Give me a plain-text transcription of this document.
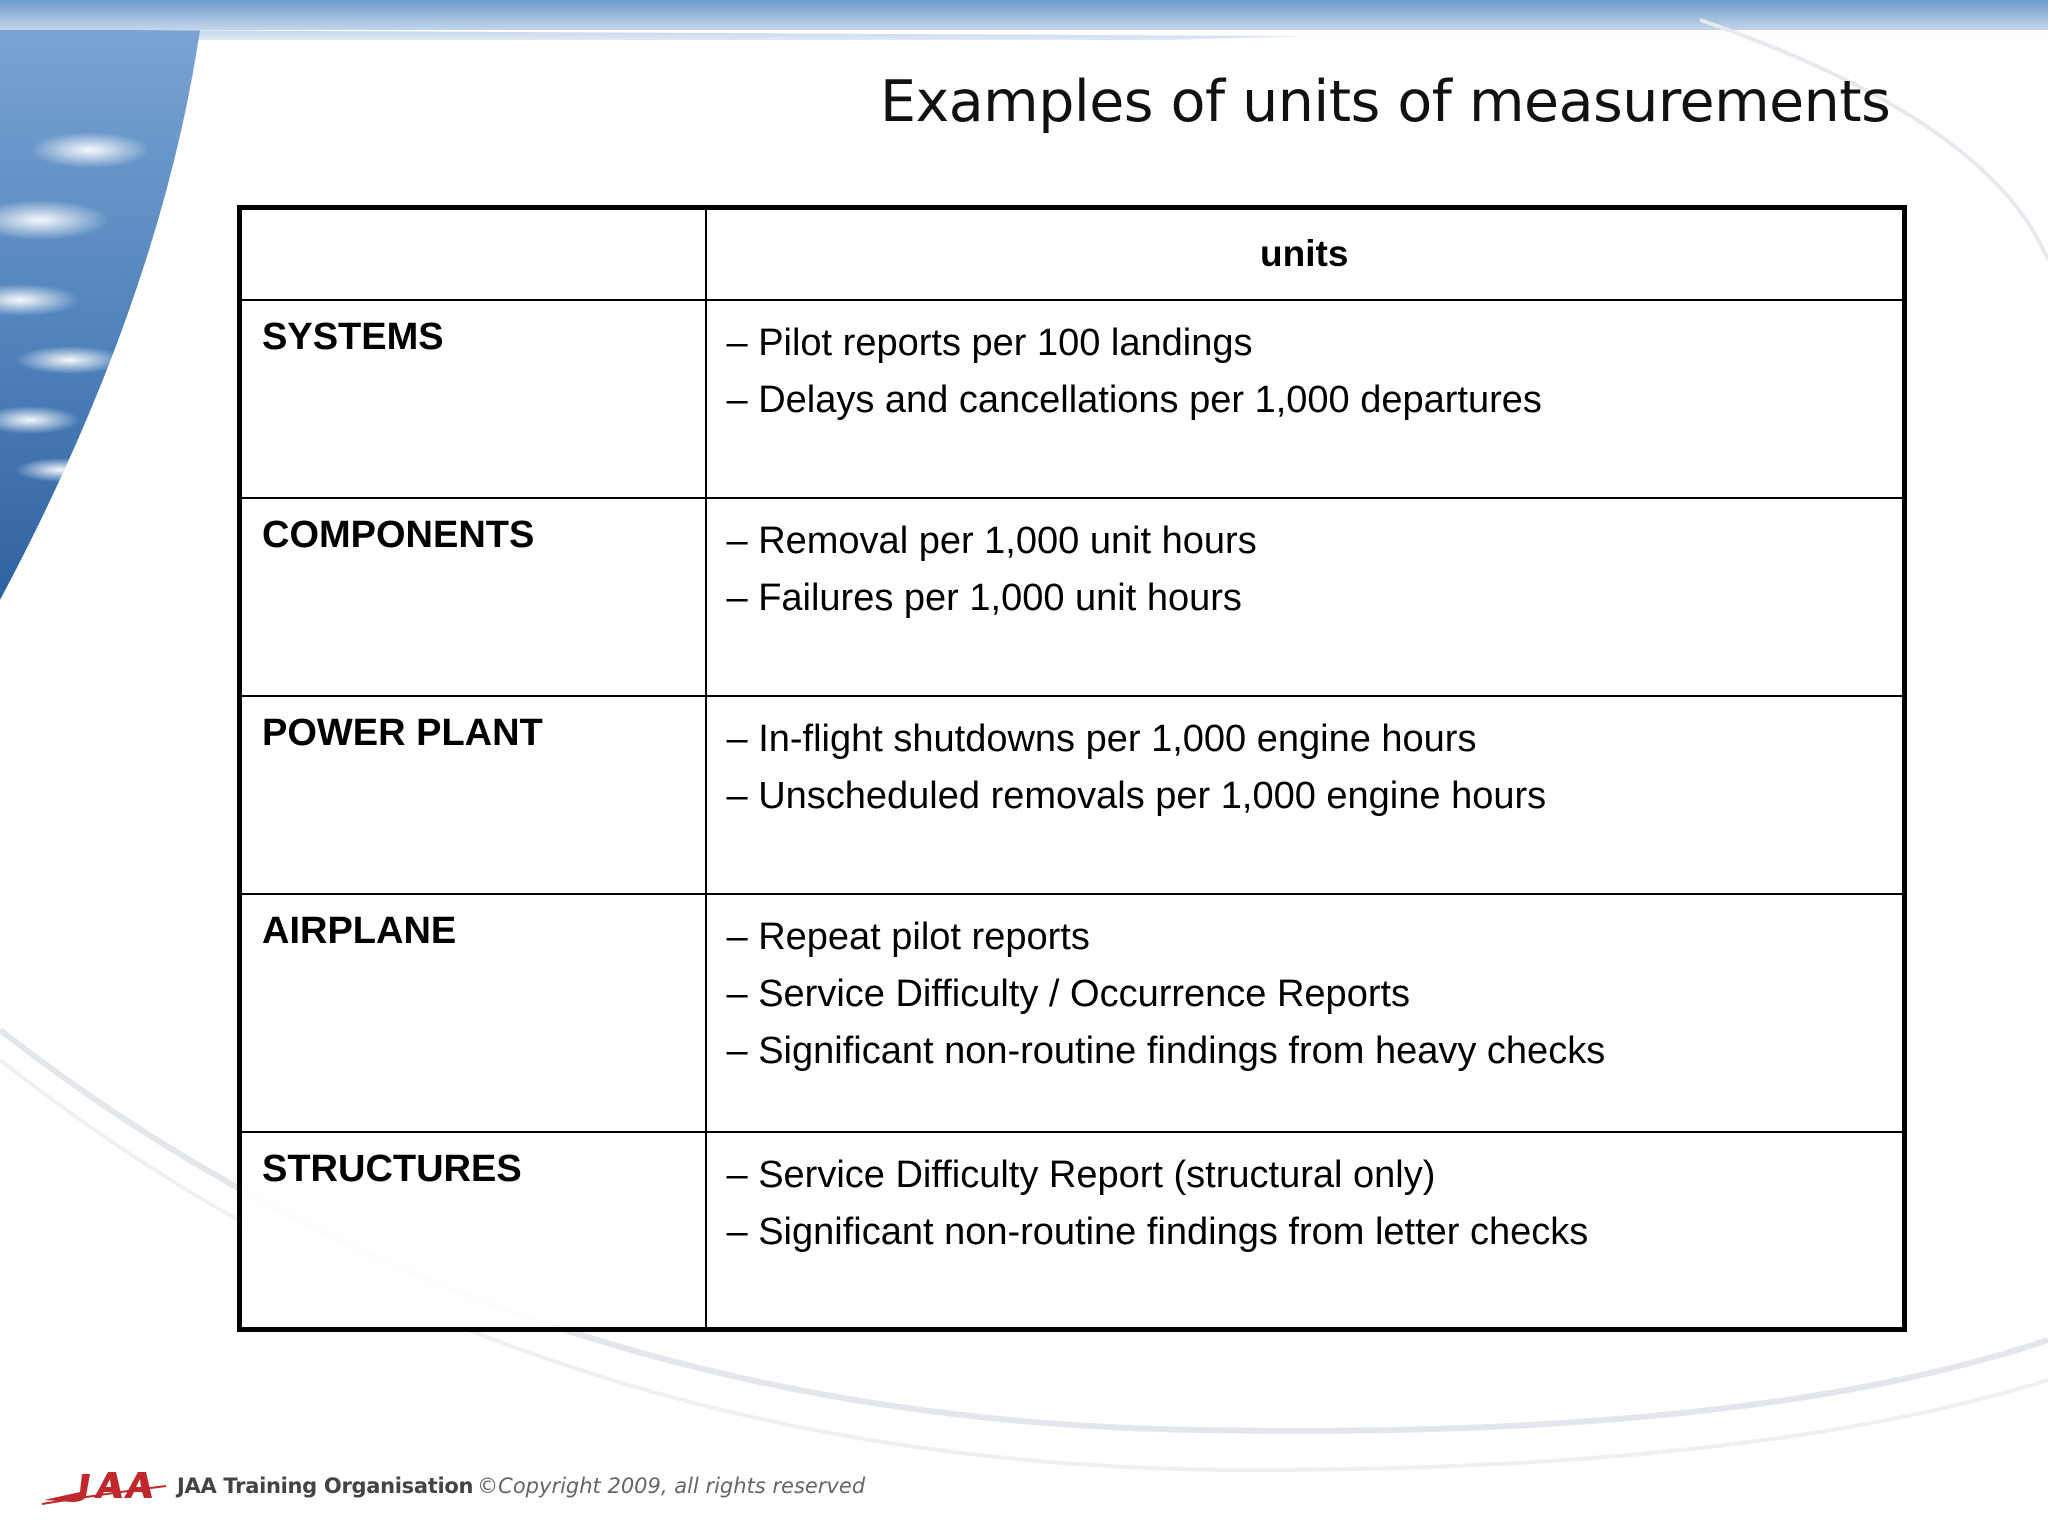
Examples of units of measurements
	units
SYSTEMS	– Pilot reports per 100 landings

– Delays and cancellations per 1,000 departures

COMPONENTS	– Removal per 1,000 unit hours

– Failures per 1,000 unit hours

POWER PLANT	– In-flight shutdowns per 1,000 engine hours

– Unscheduled removals per 1,000 engine hours

AIRPLANE	– Repeat pilot reports

– Service Difficulty / Occurrence Reports

– Significant non-routine findings from heavy checks

STRUCTURES	– Service Difficulty Report (structural only)

– Significant non-routine findings from letter checks

JAA Training Organisation ©Copyright 2009, all rights reserved
